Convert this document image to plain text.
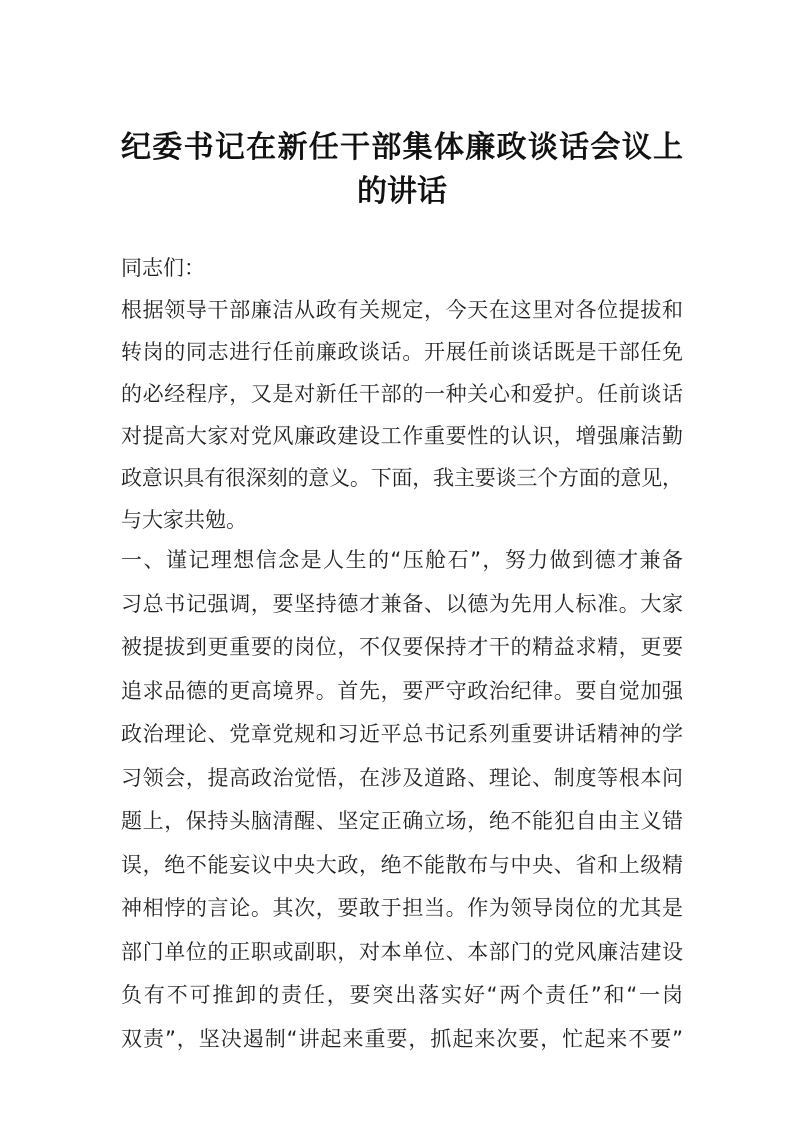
纪委书记在新任干部集体廉政谈话会议上
的讲话
同志们：
根据领导干部廉洁从政有关规定，今天在这里对各位提拔和
转岗的同志进行任前廉政谈话。开展任前谈话既是干部任免
的必经程序，又是对新任干部的一种关心和爱护。任前谈话
对提高大家对党风廉政建设工作重要性的认识，增强廉洁勤
政意识具有很深刻的意义。下面，我主要谈三个方面的意见，
与大家共勉。
一、谨记理想信念是人生的“压舱石”，努力做到德才兼备
习总书记强调，要坚持德才兼备、以德为先用人标准。大家
被提拔到更重要的岗位，不仅要保持才干的精益求精，更要
追求品德的更高境界。首先，要严守政治纪律。要自觉加强
政治理论、党章党规和习近平总书记系列重要讲话精神的学
习领会，提高政治觉悟，在涉及道路、理论、制度等根本问
题上，保持头脑清醒、坚定正确立场，绝不能犯自由主义错
误，绝不能妄议中央大政，绝不能散布与中央、省和上级精
神相悖的言论。其次，要敢于担当。作为领导岗位的尤其是
部门单位的正职或副职，对本单位、本部门的党风廉洁建设
负有不可推卸的责任，要突出落实好“两个责任”和“一岗
双责”，坚决遏制“讲起来重要，抓起来次要，忙起来不要”
